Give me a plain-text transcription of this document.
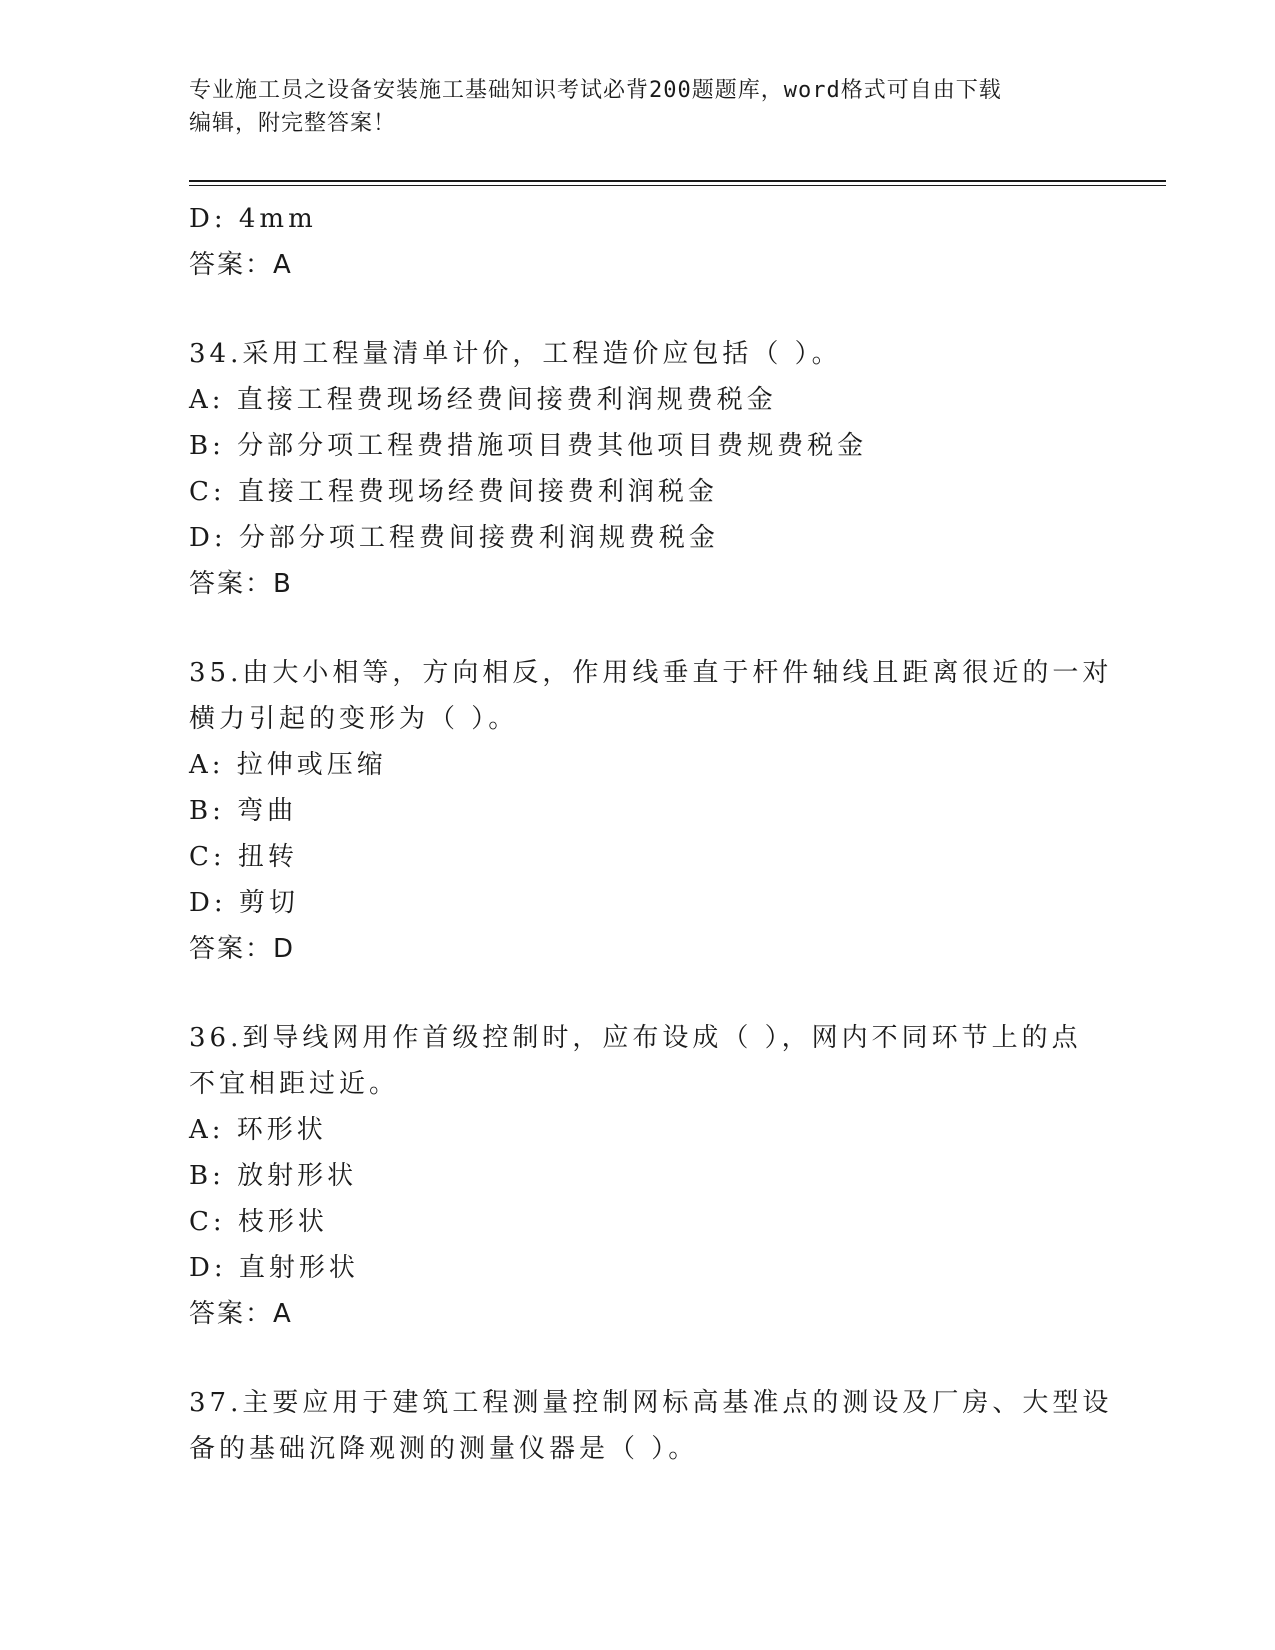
专业施工员之设备安装施工基础知识考试必背200题题库，word格式可自由下载
编辑，附完整答案！
D: 4mm
答案：A
34.采用工程量清单计价，工程造价应包括（ ）。
A: 直接工程费现场经费间接费利润规费税金
B: 分部分项工程费措施项目费其他项目费规费税金
C: 直接工程费现场经费间接费利润税金
D: 分部分项工程费间接费利润规费税金
答案：B
35.由大小相等，方向相反，作用线垂直于杆件轴线且距离很近的一对
横力引起的变形为（ ）。
A: 拉伸或压缩
B: 弯曲
C: 扭转
D: 剪切
答案：D
36.到导线网用作首级控制时，应布设成（ ），网内不同环节上的点
不宜相距过近。
A: 环形状
B: 放射形状
C: 枝形状
D: 直射形状
答案：A
37.主要应用于建筑工程测量控制网标高基准点的测设及厂房、大型设
备的基础沉降观测的测量仪器是（ ）。
